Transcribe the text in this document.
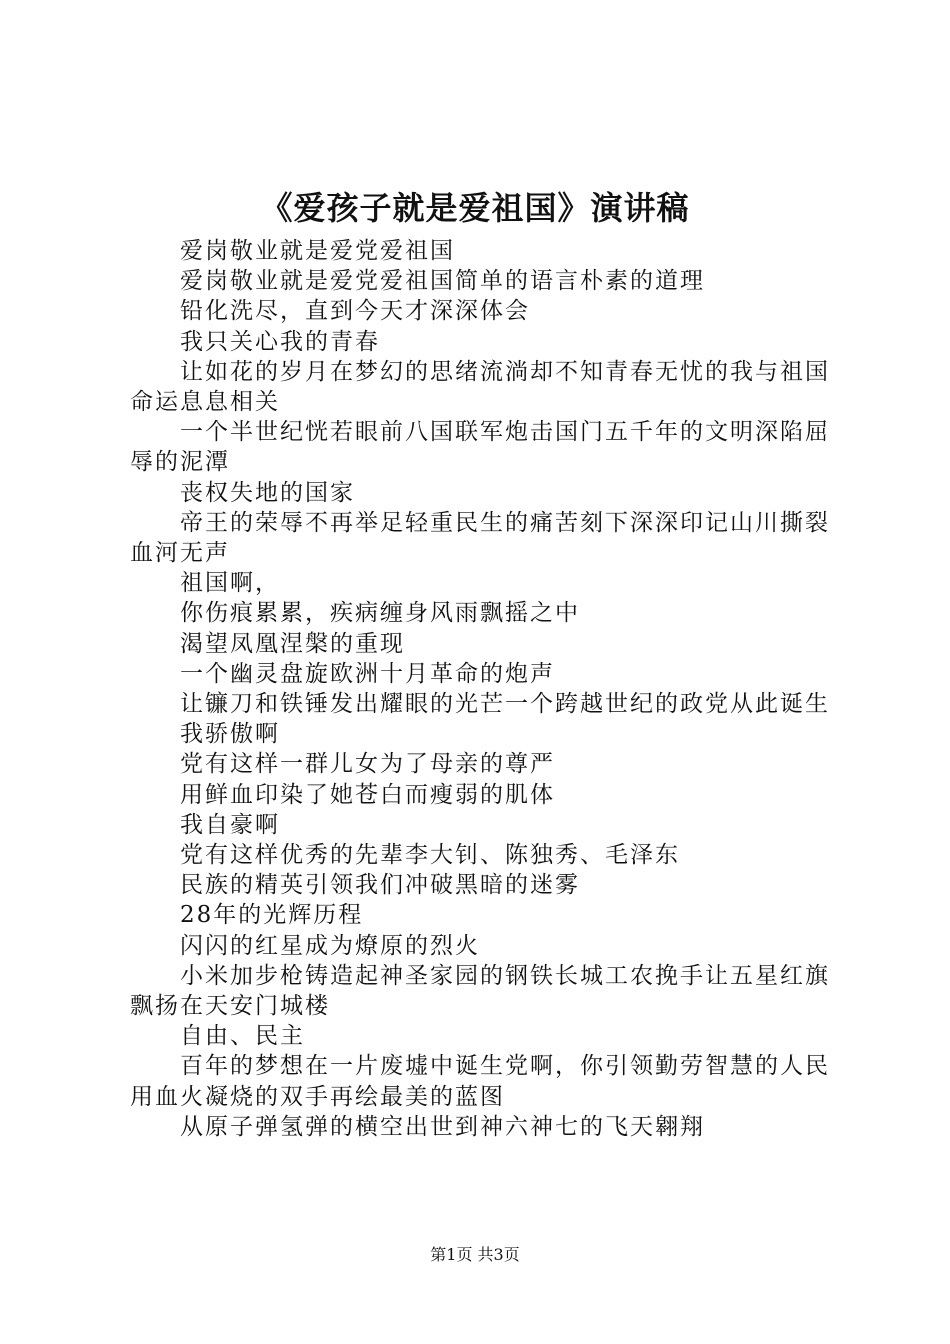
《爱孩子就是爱祖国》演讲稿

爱岗敬业就是爱党爱祖国

爱岗敬业就是爱党爱祖国简单的语言朴素的道理

铅化洗尽，直到今天才深深体会

我只关心我的青春

让如花的岁月在梦幻的思绪流淌却不知青春无忧的我与祖国命运息息相关

一个半世纪恍若眼前八国联军炮击国门五千年的文明深陷屈辱的泥潭

丧权失地的国家

帝王的荣辱不再举足轻重民生的痛苦刻下深深印记山川撕裂血河无声

祖国啊，

你伤痕累累，疾病缠身风雨飘摇之中

渴望凤凰涅槃的重现

一个幽灵盘旋欧洲十月革命的炮声

让镰刀和铁锤发出耀眼的光芒一个跨越世纪的政党从此诞生

我骄傲啊

党有这样一群儿女为了母亲的尊严

用鲜血印染了她苍白而瘦弱的肌体

我自豪啊

党有这样优秀的先辈李大钊、陈独秀、毛泽东

民族的精英引领我们冲破黑暗的迷雾

28年的光辉历程

闪闪的红星成为燎原的烈火

小米加步枪铸造起神圣家园的钢铁长城工农挽手让五星红旗飘扬在天安门城楼

自由、民主

百年的梦想在一片废墟中诞生党啊，你引领勤劳智慧的人民用血火凝烧的双手再绘最美的蓝图

从原子弹氢弹的横空出世到神六神七的飞天翱翔

第1页 共3页
